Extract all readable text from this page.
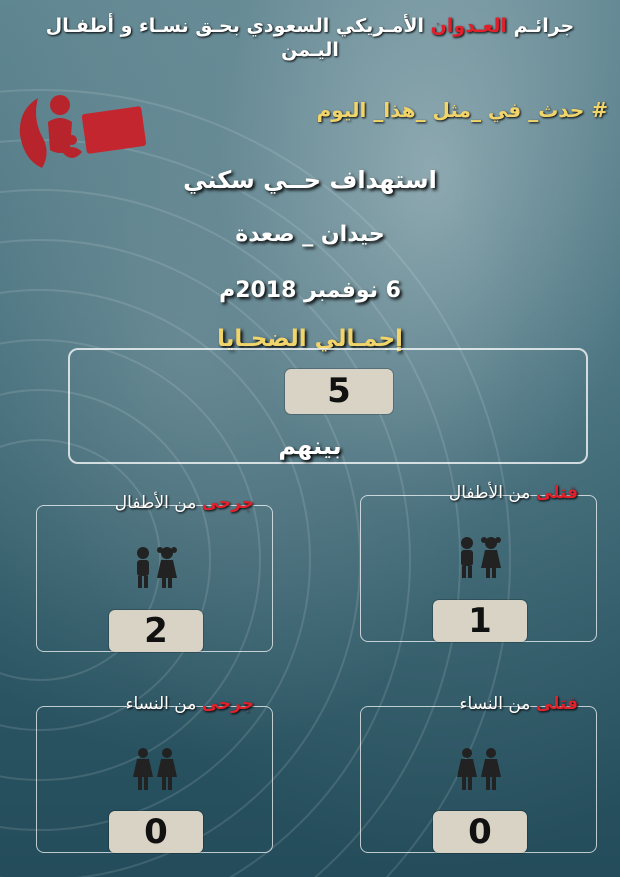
جرائـم العـدوان الأمـريكي السعودي بحـق نسـاء و أطفـال اليـمن
# حدث_ في _مثل _هذا_ اليوم
استهداف حــي سكني
حيدان _ صعدة
6 نوفمبر 2018م
إجمـالي الضحـايا
5
بينهم
قتلى من الأطفال
1
جرحى من الأطفال
2
قتلى من النساء
0
جرحى من النساء
0
